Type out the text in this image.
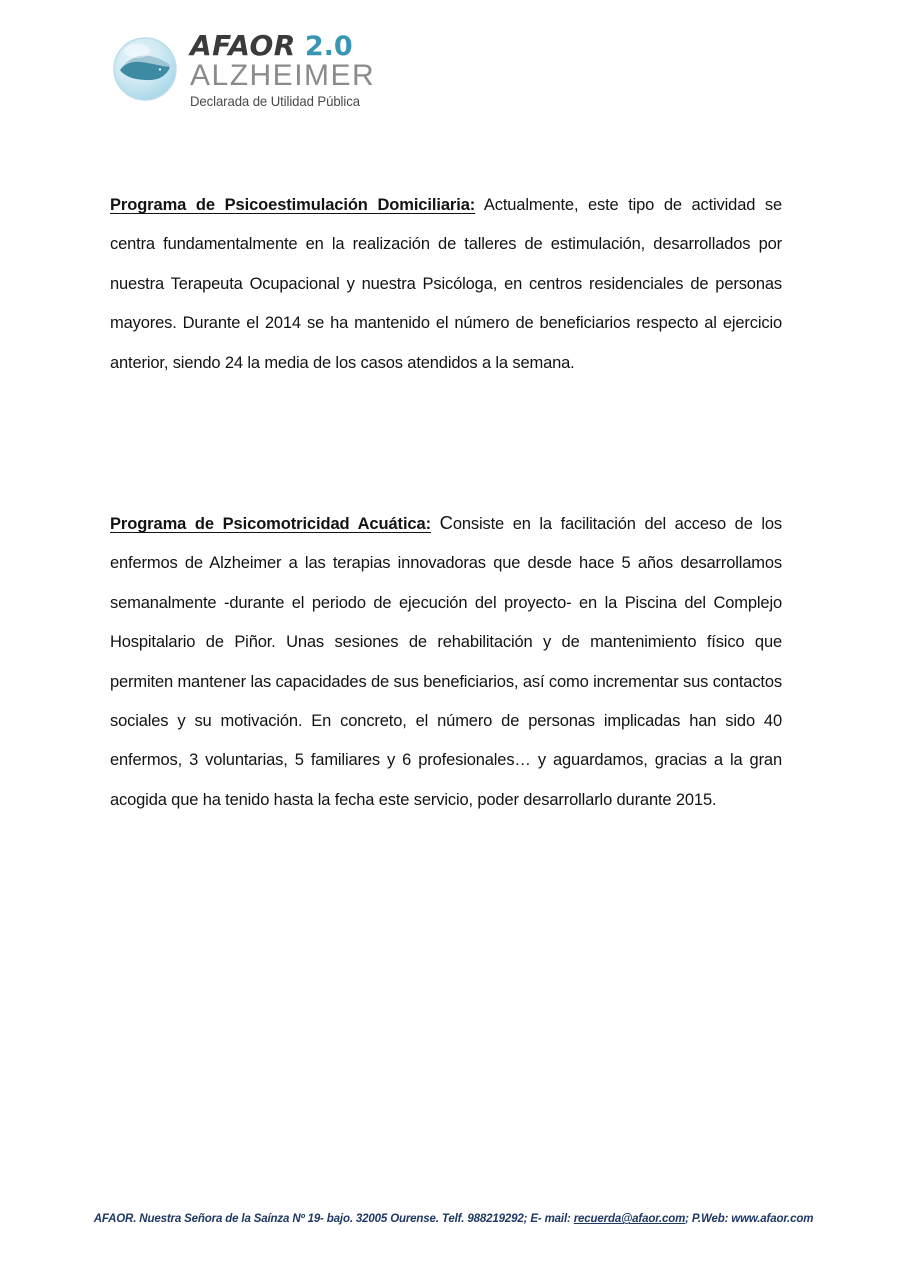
AFAOR 2.0
ALZHEIMER
Declarada de Utilidad Pública

Programa de Psicoestimulación Domiciliaria: Actualmente, este tipo de actividad se centra fundamentalmente en la realización de talleres de estimulación, desarrollados por nuestra Terapeuta Ocupacional y nuestra Psicóloga, en centros residenciales de personas mayores. Durante el 2014 se ha mantenido el número de beneficiarios respecto al ejercicio anterior, siendo 24 la media de los casos atendidos a la semana.

Programa de Psicomotricidad Acuática: Consiste en la facilitación del acceso de los enfermos de Alzheimer a las terapias innovadoras que desde hace 5 años desarrollamos semanalmente -durante el periodo de ejecución del proyecto- en la Piscina del Complejo Hospitalario de Piñor. Unas sesiones de rehabilitación y de mantenimiento físico que permiten mantener las capacidades de sus beneficiarios, así como incrementar sus contactos sociales y su motivación. En concreto, el número de personas implicadas han sido 40 enfermos, 3 voluntarias, 5 familiares y 6 profesionales… y aguardamos, gracias a la gran acogida que ha tenido hasta la fecha este servicio, poder desarrollarlo durante 2015.

AFAOR. Nuestra Señora de la Saínza Nº 19- bajo. 32005 Ourense. Telf. 988219292; E- mail: recuerda@afaor.com; P.Web: www.afaor.com
